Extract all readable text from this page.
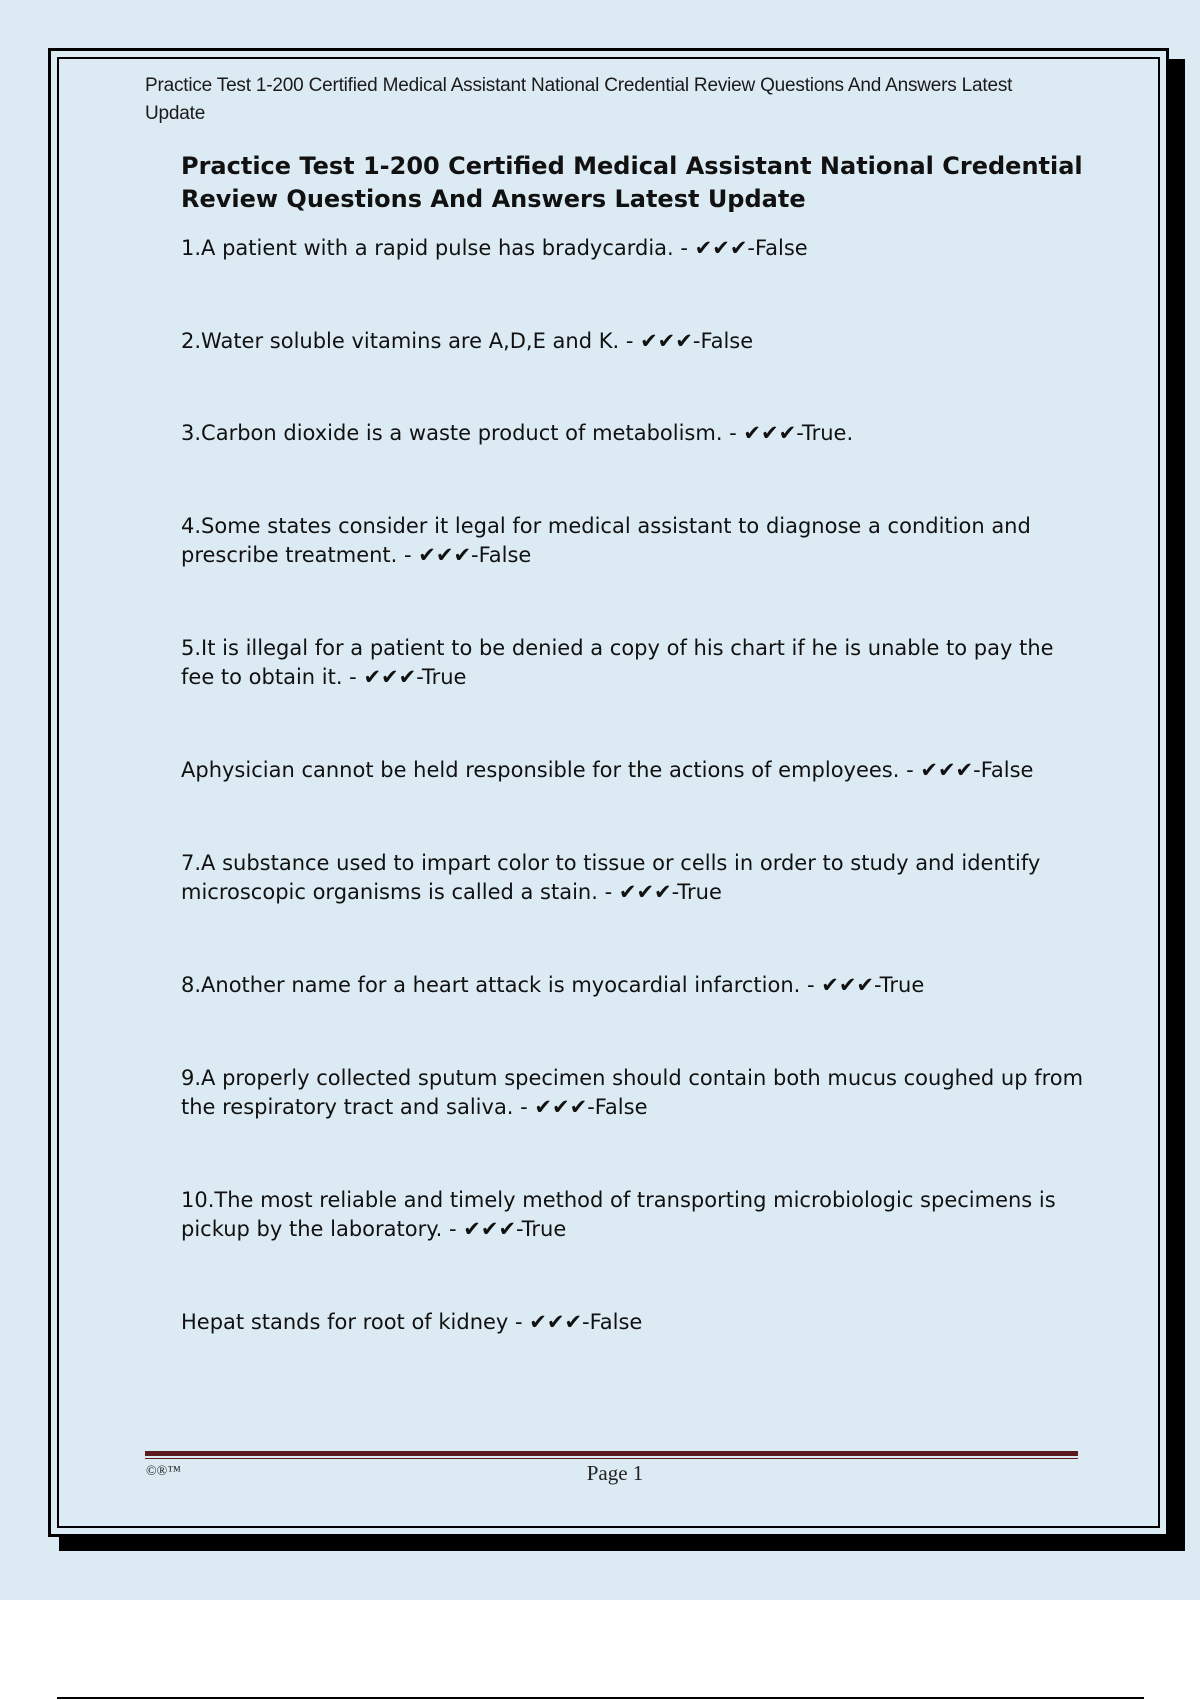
Practice Test 1-200 Certified Medical Assistant National Credential Review Questions And Answers Latest Update
Practice Test 1-200 Certified Medical Assistant National Credential Review Questions And Answers Latest Update

1.A patient with a rapid pulse has bradycardia. - ✔✔✔-False

2.Water soluble vitamins are A,D,E and K. - ✔✔✔-False

3.Carbon dioxide is a waste product of metabolism. - ✔✔✔-True.

4.Some states consider it legal for medical assistant to diagnose a condition and prescribe treatment. - ✔✔✔-False

5.It is illegal for a patient to be denied a copy of his chart if he is unable to pay the fee to obtain it. - ✔✔✔-True

Aphysician cannot be held responsible for the actions of employees. - ✔✔✔-False

7.A substance used to impart color to tissue or cells in order to study and identify microscopic organisms is called a stain. - ✔✔✔-True

8.Another name for a heart attack is myocardial infarction. - ✔✔✔-True

9.A properly collected sputum specimen should contain both mucus coughed up from the respiratory tract and saliva. - ✔✔✔-False

10.The most reliable and timely method of transporting microbiologic specimens is pickup by the laboratory. - ✔✔✔-True

Hepat stands for root of kidney - ✔✔✔-False

©®™	Page 1
